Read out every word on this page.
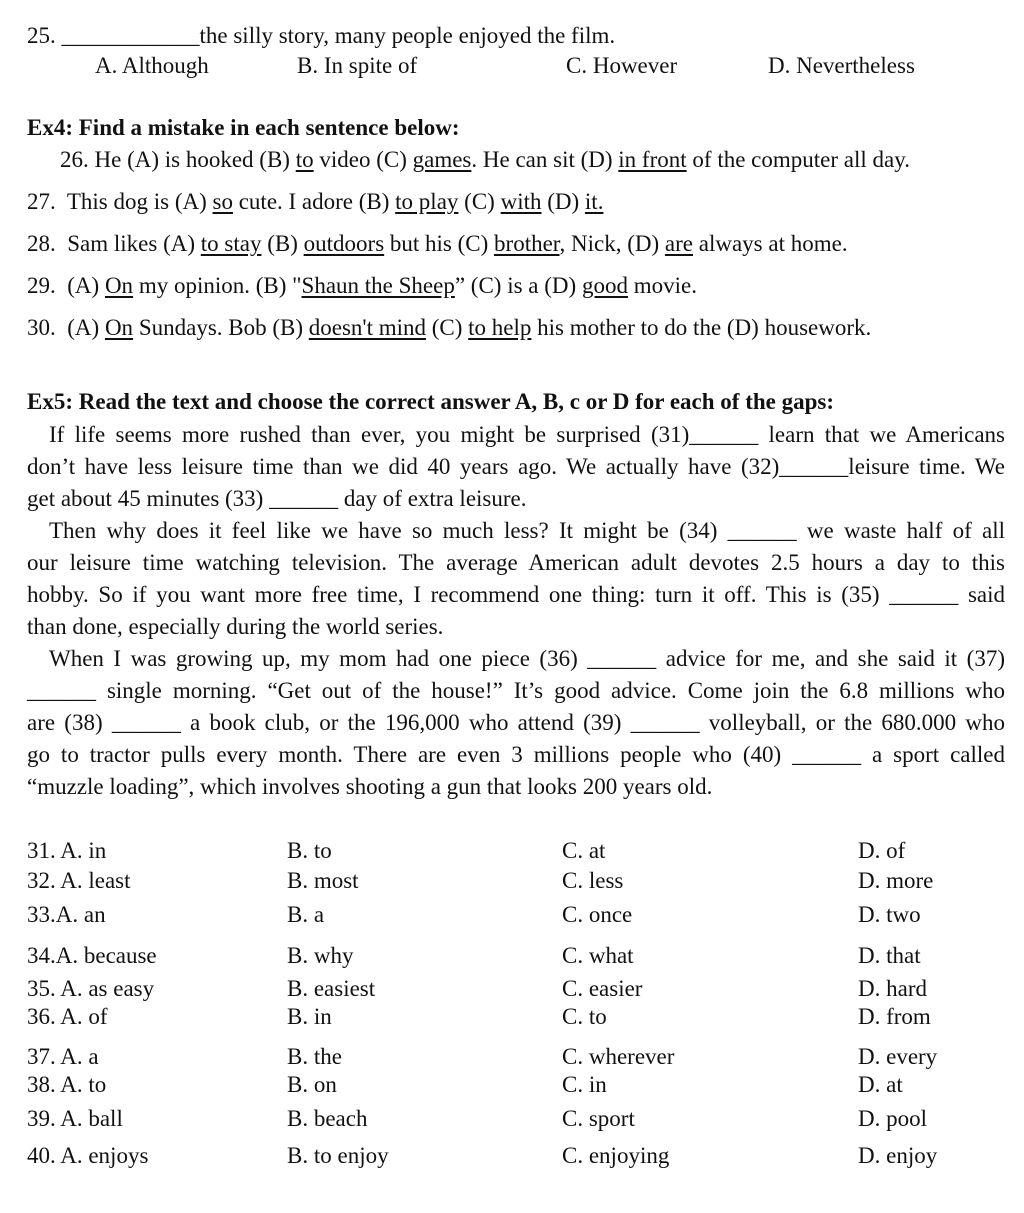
25. ____________the silly story, many people enjoyed the film.
A. Although	B. In spite of	C. However	D. Nevertheless
Ex4: Find a mistake in each sentence below:
26. He (A) is hooked (B) to video (C) games. He can sit (D) in front of the computer all day.
27. This dog is (A) so cute. I adore (B) to play (C) with (D) it.
28. Sam likes (A) to stay (B) outdoors but his (C) brother, Nick, (D) are always at home.
29. (A) On my opinion. (B) "Shaun the Sheep” (C) is a (D) good movie.
30. (A) On Sundays. Bob (B) doesn't mind (C) to help his mother to do the (D) housework.
Ex5: Read the text and choose the correct answer A, B, c or D for each of the gaps:
If life seems more rushed than ever, you might be surprised (31)______ learn that we Americans
don’t have less leisure time than we did 40 years ago. We actually have (32)______leisure time. We
get about 45 minutes (33) ______ day of extra leisure.
Then why does it feel like we have so much less? It might be (34) ______ we waste half of all
our leisure time watching television. The average American adult devotes 2.5 hours a day to this
hobby. So if you want more free time, I recommend one thing: turn it off. This is (35) ______ said
than done, especially during the world series.
When I was growing up, my mom had one piece (36) ______ advice for me, and she said it (37)
______ single morning. “Get out of the house!” It’s good advice. Come join the 6.8 millions who
are (38) ______ a book club, or the 196,000 who attend (39) ______ volleyball, or the 680.000 who
go to tractor pulls every month. There are even 3 millions people who (40) ______ a sport called
“muzzle loading”, which involves shooting a gun that looks 200 years old.
31. A. in	B. to	C. at	D. of
32. A. least	B. most	C. less	D. more
33.A. an	B. a	C. once	D. two
34.A. because	B. why	C. what	D. that
35. A. as easy	B. easiest	C. easier	D. hard
36. A. of	B. in	C. to	D. from
37. A. a	B. the	C. wherever	D. every
38. A. to	B. on	C. in	D. at
39. A. ball	B. beach	C. sport	D. pool
40. A. enjoys	B. to enjoy	C. enjoying	D. enjoy
